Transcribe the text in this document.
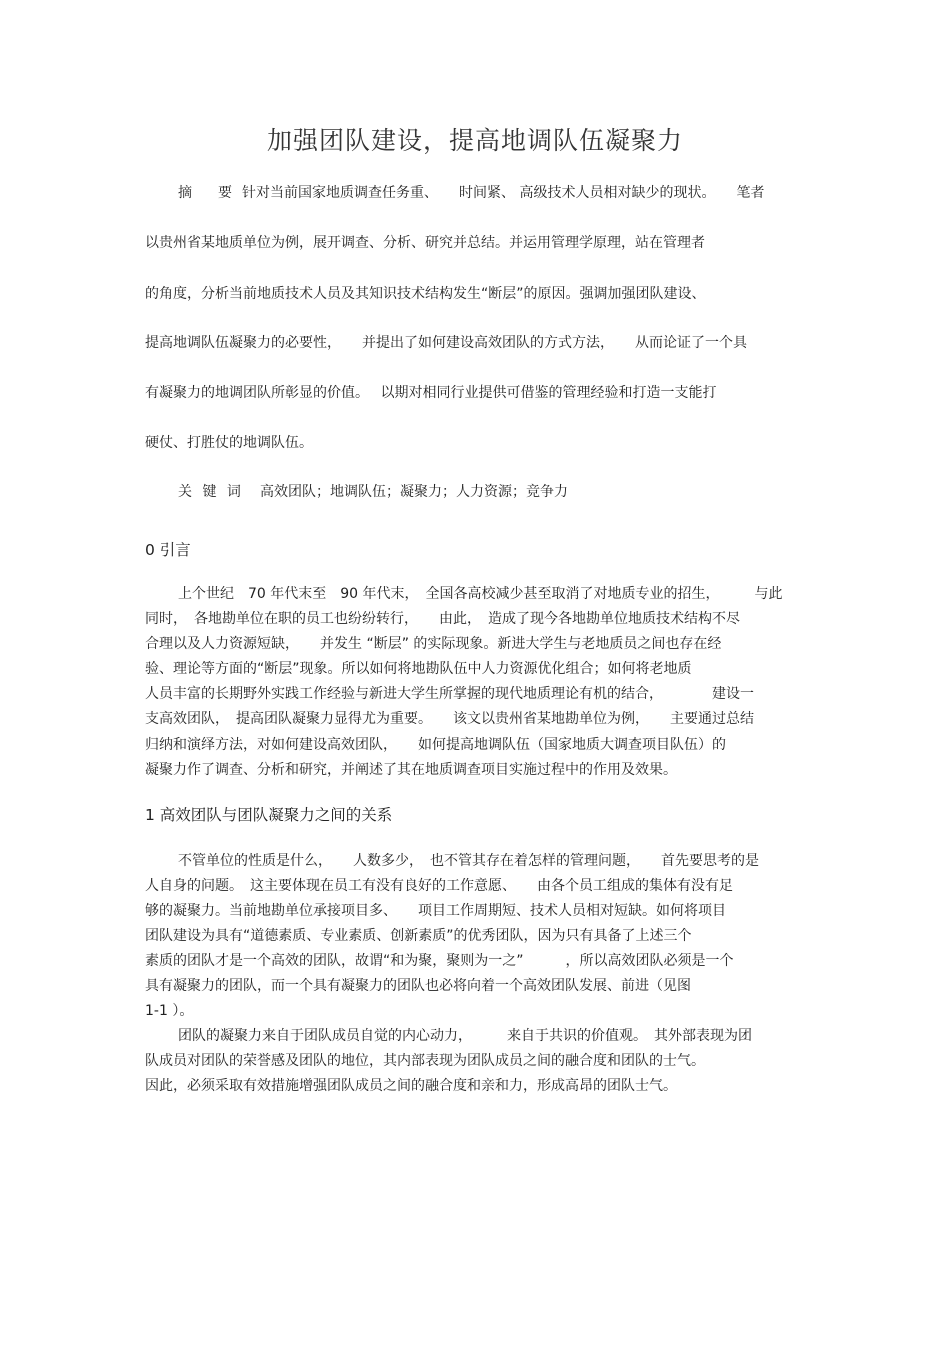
加强团队建设，提高地调队伍凝聚力
摘　要 针对当前国家地质调查任务重、　　时间紧、 高级技术人员相对缺少的现状。　　笔者
以贵州省某地质单位为例，展开调查、分析、研究并总结。并运用管理学原理，站在管理者
的角度，分析当前地质技术人员及其知识技术结构发生“断层”的原因。强调加强团队建设、
提高地调队伍凝聚力的必要性，　　并提出了如何建设高效团队的方式方法，　　从而论证了一个具
有凝聚力的地调团队所彰显的价值。　 以期对相同行业提供可借鉴的管理经验和打造一支能打
硬仗、打胜仗的地调队伍。
关 键 词 高效团队；地调队伍；凝聚力；人力资源；竞争力
0 引言
上个世纪　70 年代末至　90 年代末，　全国各高校减少甚至取消了对地质专业的招生，　　　与此
同时，　各地勘单位在职的员工也纷纷转行，　　由此，　造成了现今各地勘单位地质技术结构不尽
合理以及人力资源短缺，　　并发生 “断层” 的实际现象。新进大学生与老地质员之间也存在经
验、理论等方面的“断层”现象。所以如何将地勘队伍中人力资源优化组合；如何将老地质
人员丰富的长期野外实践工作经验与新进大学生所掌握的现代地质理论有机的结合，　　　　建设一
支高效团队，　提高团队凝聚力显得尤为重要。　　该文以贵州省某地勘单位为例，　　主要通过总结
归纳和演绎方法，对如何建设高效团队，　　如何提高地调队伍（国家地质大调查项目队伍）的
凝聚力作了调查、分析和研究，并阐述了其在地质调查项目实施过程中的作用及效果。
1 高效团队与团队凝聚力之间的关系
不管单位的性质是什么，　　人数多少，　也不管其存在着怎样的管理问题，　　首先要思考的是
人自身的问题。　这主要体现在员工有没有良好的工作意愿、　　由各个员工组成的集体有没有足
够的凝聚力。当前地勘单位承接项目多、　　项目工作周期短、技术人员相对短缺。如何将项目
团队建设为具有“道德素质、专业素质、创新素质”的优秀团队，因为只有具备了上述三个
素质的团队才是一个高效的团队，故谓“和为聚，聚则为一之”　　　，所以高效团队必须是一个
具有凝聚力的团队，而一个具有凝聚力的团队也必将向着一个高效团队发展、前进（见图
1-1 ）。
团队的凝聚力来自于团队成员自觉的内心动力，　　　来自于共识的价值观。　其外部表现为团
队成员对团队的荣誉感及团队的地位，其内部表现为团队成员之间的融合度和团队的士气。
因此，必须采取有效措施增强团队成员之间的融合度和亲和力，形成高昂的团队士气。
